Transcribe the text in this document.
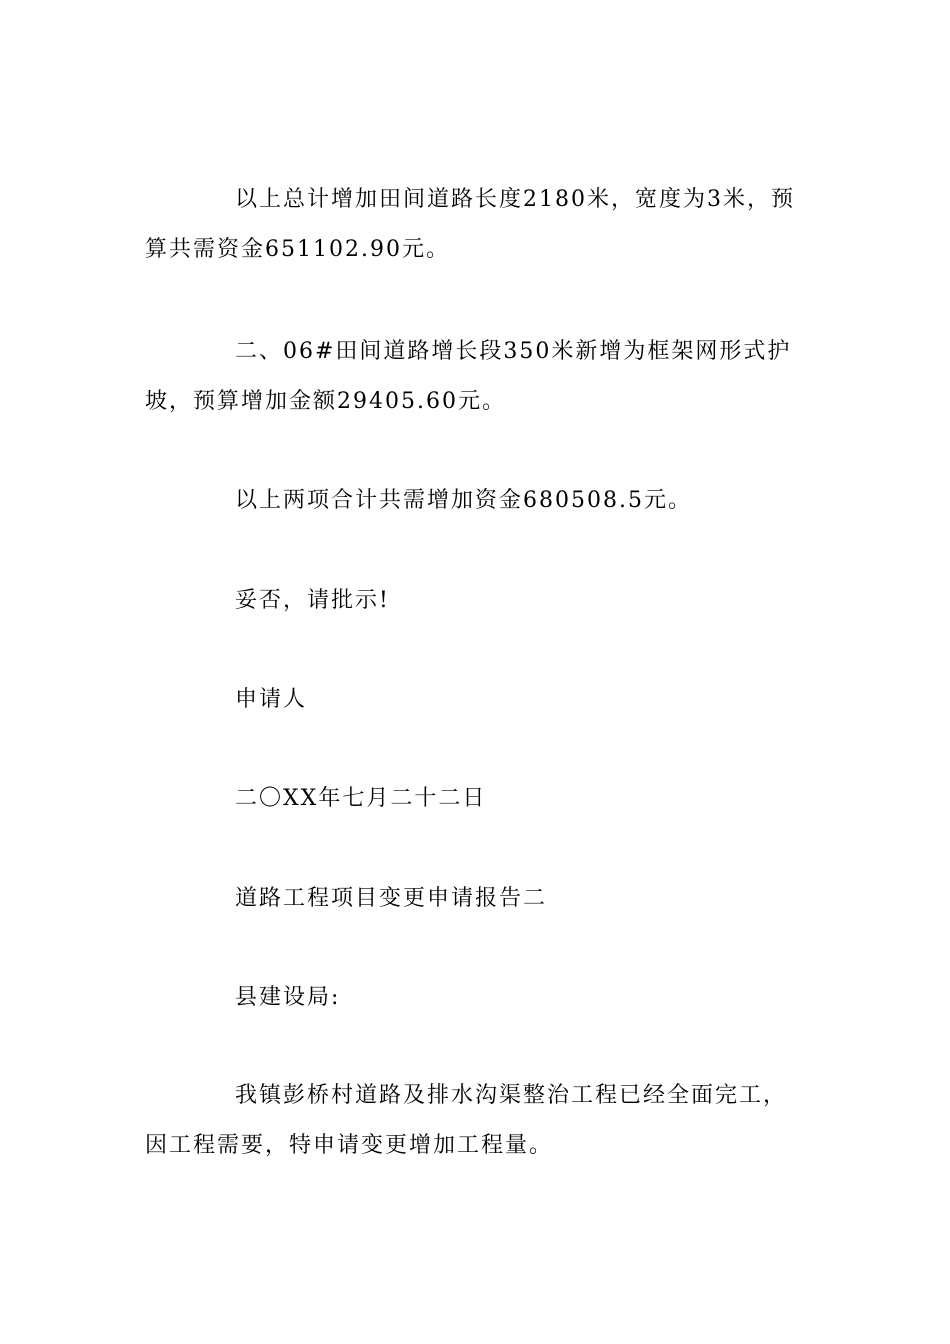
以上总计增加田间道路长度2180米，宽度为3米，预算共需资金651102.90元。

二、06#田间道路增长段350米新增为框架网形式护坡，预算增加金额29405.60元。

以上两项合计共需增加资金680508.5元。

妥否，请批示!

申请人

二〇XX年七月二十二日

道路工程项目变更申请报告二

县建设局:

我镇彭桥村道路及排水沟渠整治工程已经全面完工，因工程需要，特申请变更增加工程量。
